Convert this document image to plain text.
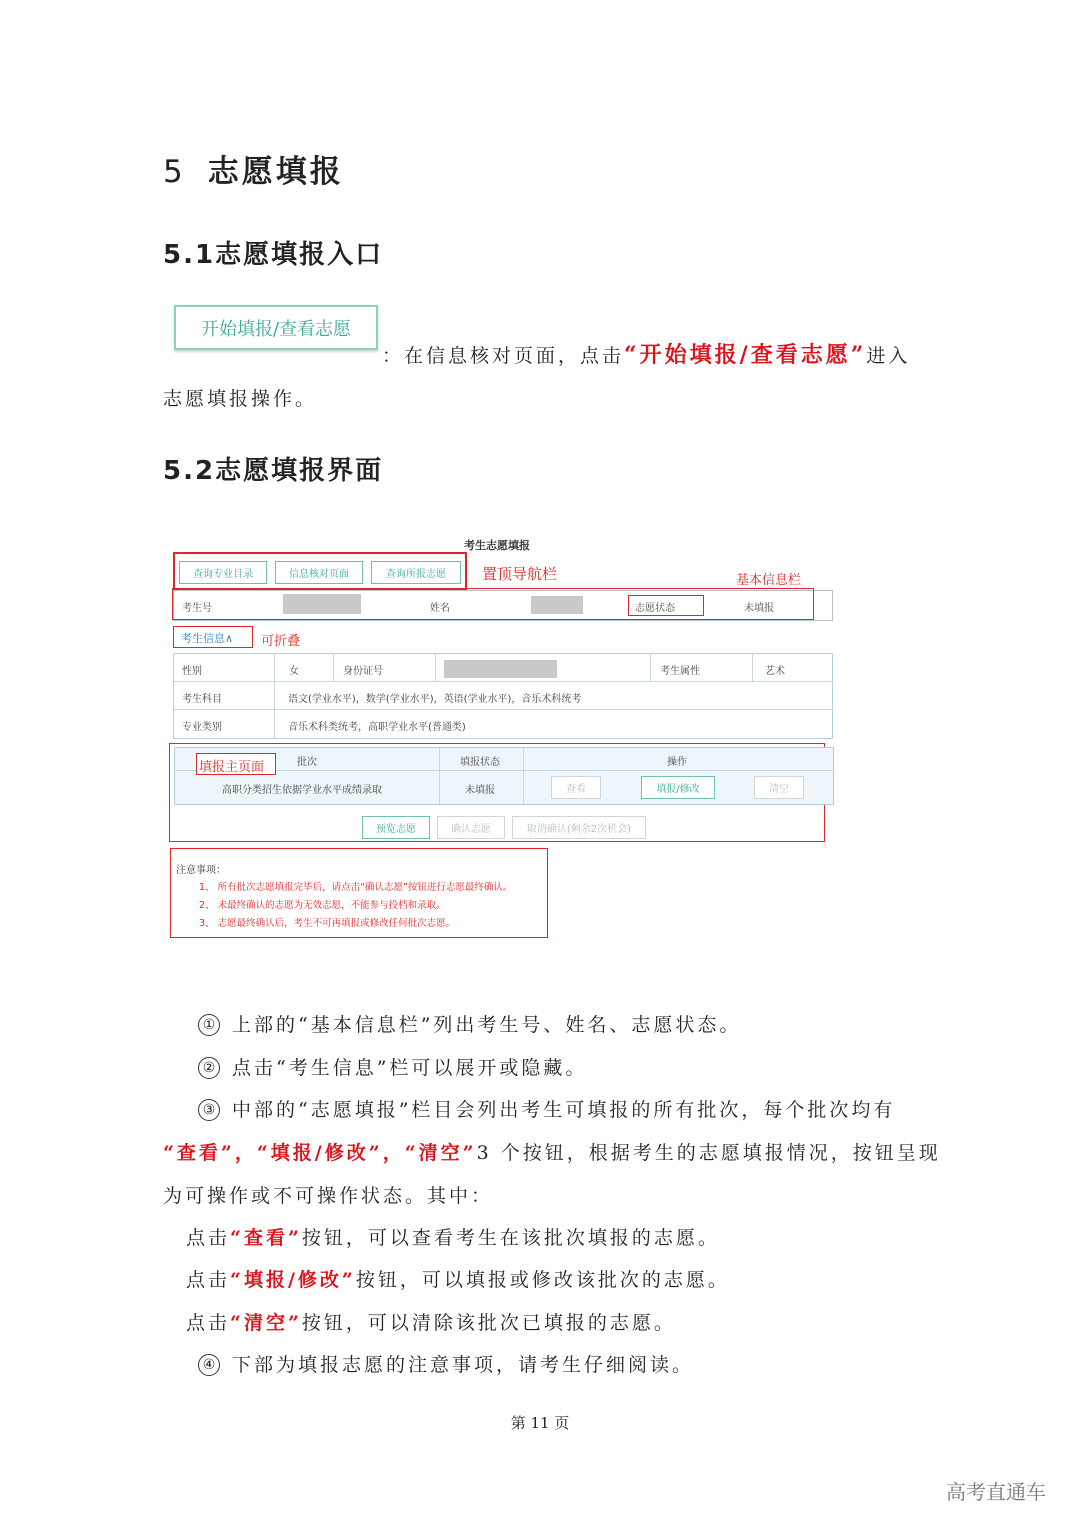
5 志愿填报
5.1志愿填报入口
开始填报/查看志愿
：在信息核对页面，点击“开始填报/查看志愿”进入
志愿填报操作。
5.2志愿填报界面
考生志愿填报
查询专业目录	信息核对页面	查询所报志愿	置顶导航栏	基本信息栏
考生号	姓名	志愿状态	未填报
考生信息∧ 可折叠
性别	女	身份证号	考生属性	艺术
考生科目	语文(学业水平)，数学(学业水平)，英语(学业水平)，音乐术科统考
专业类别	音乐术科类统考，高职学业水平(普通类)
填报主页面	批次	填报状态	操作
高职分类招生依据学业水平成绩录取	未填报	查看	填报/修改	清空
预览志愿	确认志愿	取消确认(剩余2次机会)
注意事项：
1、 所有批次志愿填报完毕后，请点击“确认志愿”按钮进行志愿最终确认。
2、 未最终确认的志愿为无效志愿，不能参与投档和录取。
3、 志愿最终确认后，考生不可再填报或修改任何批次志愿。
① 上部的“基本信息栏”列出考生号、姓名、志愿状态。
② 点击“考生信息”栏可以展开或隐藏。
③ 中部的“志愿填报”栏目会列出考生可填报的所有批次，每个批次均有
“查看”，“填报/修改”，“清空”3 个按钮，根据考生的志愿填报情况，按钮呈现
为可操作或不可操作状态。其中：
点击“查看”按钮，可以查看考生在该批次填报的志愿。
点击“填报/修改”按钮，可以填报或修改该批次的志愿。
点击“清空”按钮，可以清除该批次已填报的志愿。
④ 下部为填报志愿的注意事项，请考生仔细阅读。
第 11 页
高考直通车
